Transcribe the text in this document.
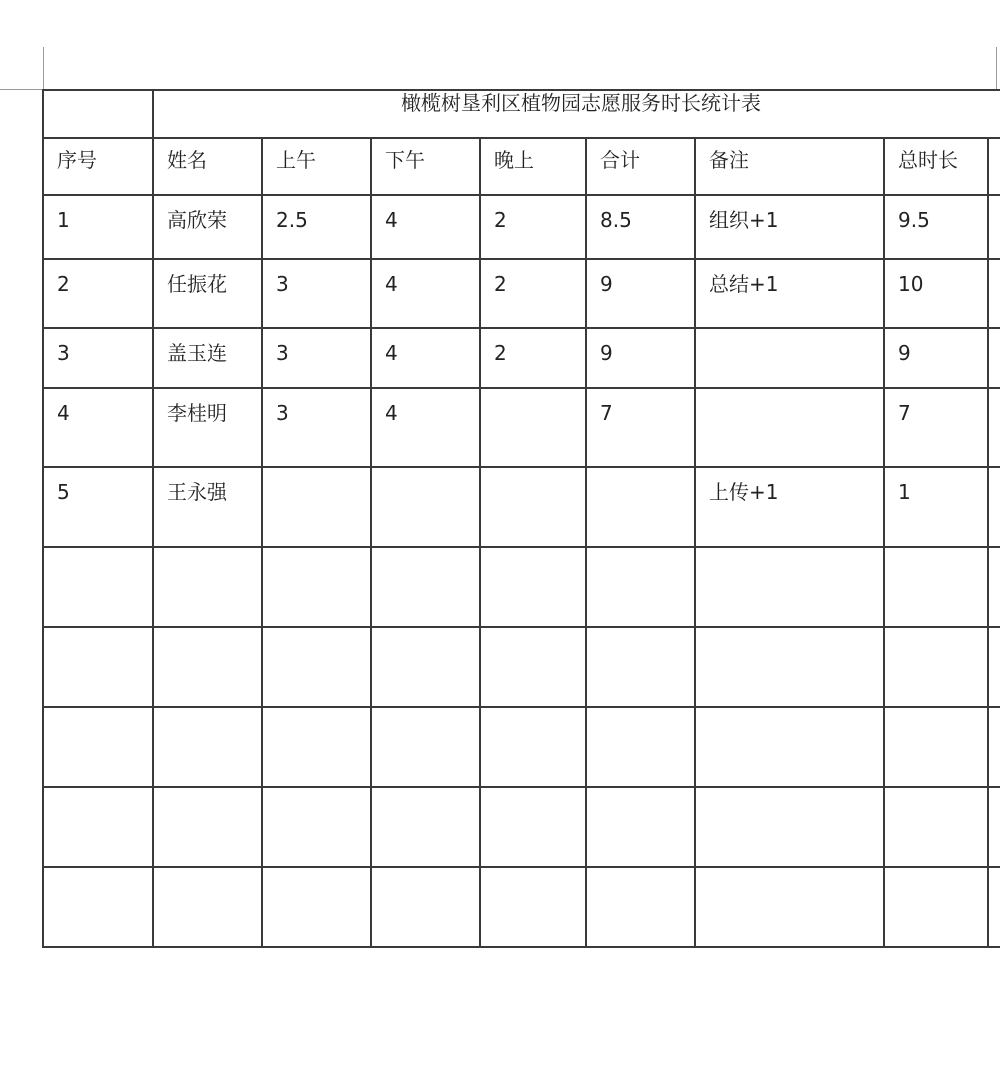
	橄榄树垦利区植物园志愿服务时长统计表							
序号	姓名	上午	下午	晚上	合计	备注	总时长	
1	高欣荣	2.5	4	2	8.5	组织+1	9.5	
2	任振花	3	4	2	9	总结+1	10	
3	盖玉连	3	4	2	9		9	
4	李桂明	3	4		7		7	
5	王永强					上传+1	1	
